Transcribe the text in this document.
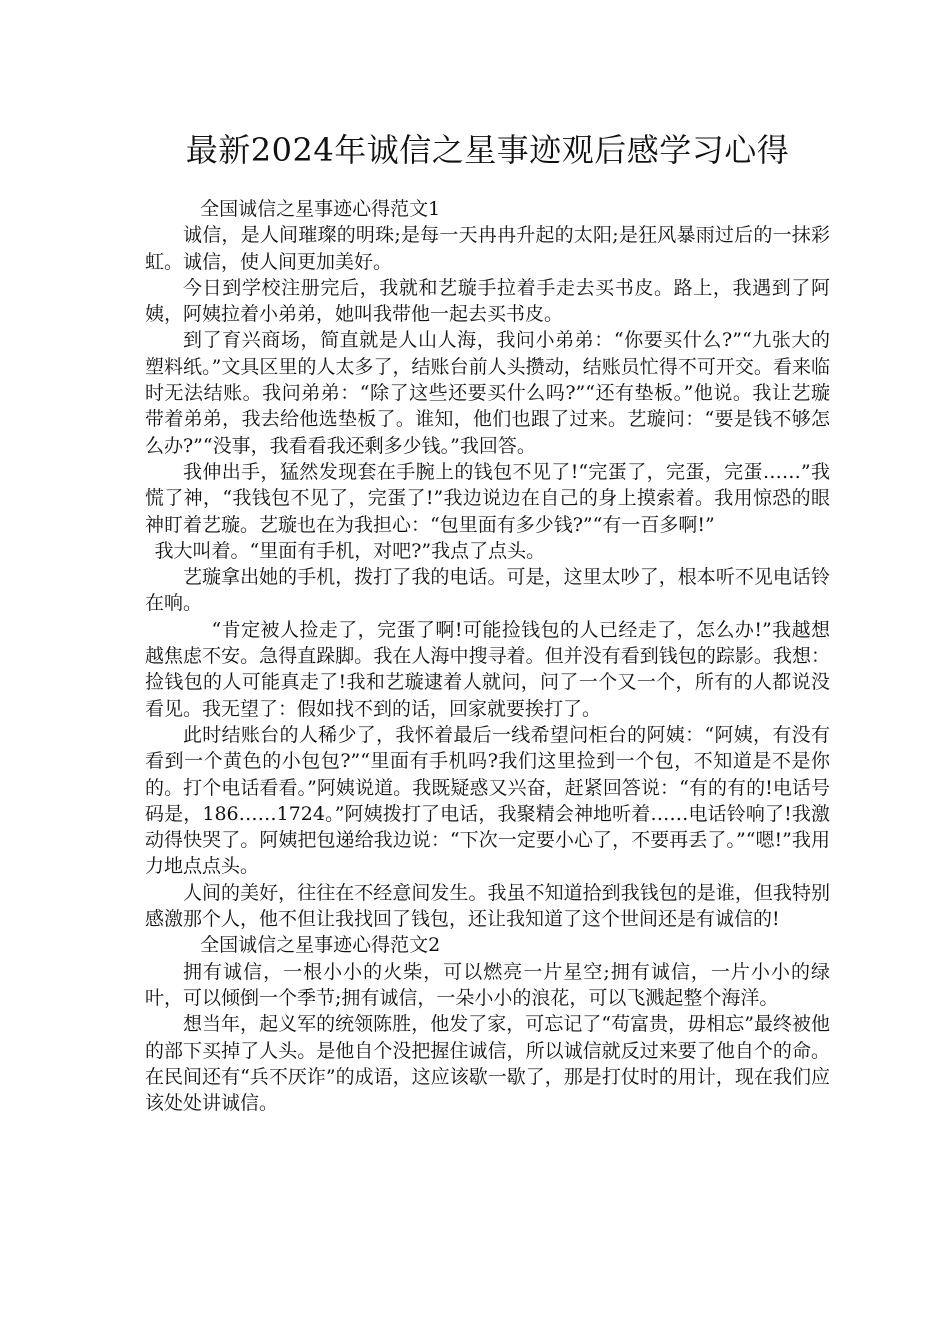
最新2024年诚信之星事迹观后感学习心得

全国诚信之星事迹心得范文1

诚信，是人间璀璨的明珠;是每一天冉冉升起的太阳;是狂风暴雨过后的一抹彩虹。诚信，使人间更加美好。

今日到学校注册完后，我就和艺璇手拉着手走去买书皮。路上，我遇到了阿姨，阿姨拉着小弟弟，她叫我带他一起去买书皮。

到了育兴商场，简直就是人山人海，我问小弟弟：“你要买什么?”“九张大的塑料纸。”文具区里的人太多了，结账台前人头攒动，结账员忙得不可开交。看来临时无法结账。我问弟弟：“除了这些还要买什么吗?”“还有垫板。”他说。我让艺璇带着弟弟，我去给他选垫板了。谁知，他们也跟了过来。艺璇问：“要是钱不够怎么办?”“没事，我看看我还剩多少钱。”我回答。

我伸出手，猛然发现套在手腕上的钱包不见了!“完蛋了，完蛋，完蛋……”我慌了神，“我钱包不见了，完蛋了!”我边说边在自己的身上摸索着。我用惊恐的眼神盯着艺璇。艺璇也在为我担心：“包里面有多少钱?”“有一百多啊!”

我大叫着。“里面有手机，对吧?”我点了点头。

艺璇拿出她的手机，拨打了我的电话。可是，这里太吵了，根本听不见电话铃在响。

“肯定被人捡走了，完蛋了啊!可能捡钱包的人已经走了，怎么办!”我越想越焦虑不安。急得直跺脚。我在人海中搜寻着。但并没有看到钱包的踪影。我想：捡钱包的人可能真走了!我和艺璇逮着人就问，问了一个又一个，所有的人都说没看见。我无望了：假如找不到的话，回家就要挨打了。

此时结账台的人稀少了，我怀着最后一线希望问柜台的阿姨：“阿姨，有没有看到一个黄色的小包包?”“里面有手机吗?我们这里捡到一个包，不知道是不是你的。打个电话看看。”阿姨说道。我既疑惑又兴奋，赶紧回答说：“有的有的!电话号码是，186……1724。”阿姨拨打了电话，我聚精会神地听着……电话铃响了!我激动得快哭了。阿姨把包递给我边说：“下次一定要小心了，不要再丢了。”“嗯!”我用力地点点头。

人间的美好，往往在不经意间发生。我虽不知道拾到我钱包的是谁，但我特别感激那个人，他不但让我找回了钱包，还让我知道了这个世间还是有诚信的!

全国诚信之星事迹心得范文2

拥有诚信，一根小小的火柴，可以燃亮一片星空;拥有诚信，一片小小的绿叶，可以倾倒一个季节;拥有诚信，一朵小小的浪花，可以飞溅起整个海洋。

想当年，起义军的统领陈胜，他发了家，可忘记了“苟富贵，毋相忘”最终被他的部下买掉了人头。是他自个没把握住诚信，所以诚信就反过来要了他自个的命。在民间还有“兵不厌诈”的成语，这应该歇一歇了，那是打仗时的用计，现在我们应该处处讲诚信。
